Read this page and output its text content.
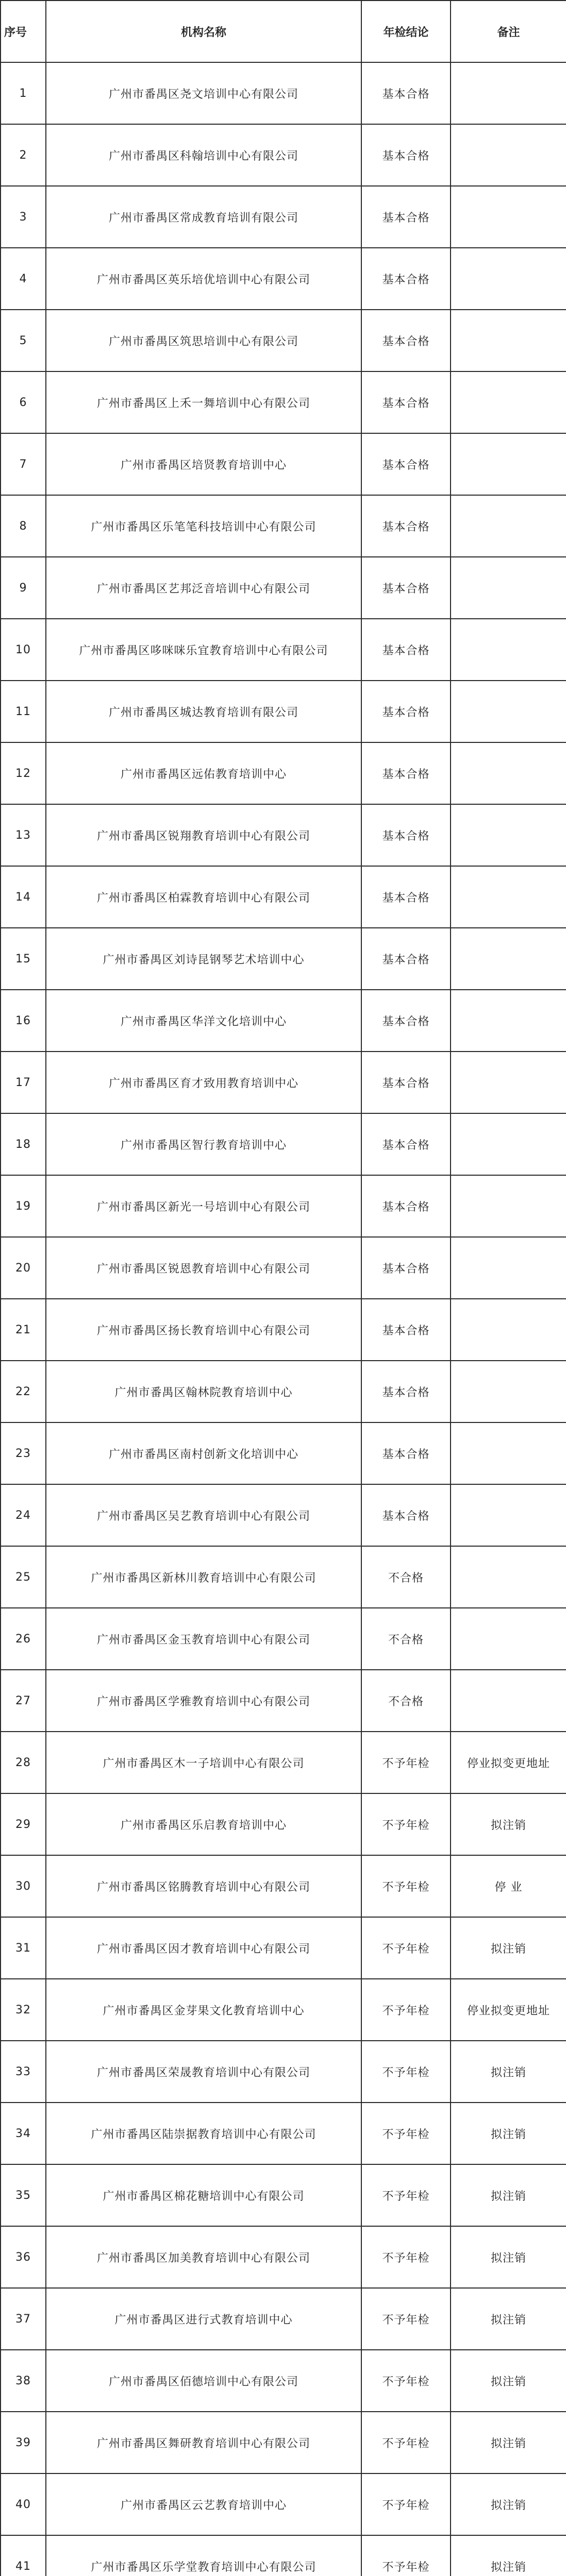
序号	机构名称	年检结论	备注
1	广州市番禺区尧文培训中心有限公司	基本合格	
2	广州市番禺区科翰培训中心有限公司	基本合格	
3	广州市番禺区常成教育培训有限公司	基本合格	
4	广州市番禺区英乐培优培训中心有限公司	基本合格	
5	广州市番禺区筑思培训中心有限公司	基本合格	
6	广州市番禺区上禾一舞培训中心有限公司	基本合格	
7	广州市番禺区培贤教育培训中心	基本合格	
8	广州市番禺区乐笔笔科技培训中心有限公司	基本合格	
9	广州市番禺区艺邦泛音培训中心有限公司	基本合格	
10	广州市番禺区哆咪咪乐宜教育培训中心有限公司	基本合格	
11	广州市番禺区城达教育培训有限公司	基本合格	
12	广州市番禺区远佑教育培训中心	基本合格	
13	广州市番禺区锐翔教育培训中心有限公司	基本合格	
14	广州市番禺区柏霖教育培训中心有限公司	基本合格	
15	广州市番禺区刘诗昆钢琴艺术培训中心	基本合格	
16	广州市番禺区华洋文化培训中心	基本合格	
17	广州市番禺区育才致用教育培训中心	基本合格	
18	广州市番禺区智行教育培训中心	基本合格	
19	广州市番禺区新光一号培训中心有限公司	基本合格	
20	广州市番禺区锐恩教育培训中心有限公司	基本合格	
21	广州市番禺区扬长教育培训中心有限公司	基本合格	
22	广州市番禺区翰林院教育培训中心	基本合格	
23	广州市番禺区南村创新文化培训中心	基本合格	
24	广州市番禺区吴艺教育培训中心有限公司	基本合格	
25	广州市番禺区新林川教育培训中心有限公司	不合格	
26	广州市番禺区金玉教育培训中心有限公司	不合格	
27	广州市番禺区学雅教育培训中心有限公司	不合格	
28	广州市番禺区木一子培训中心有限公司	不予年检	停业拟变更地址
29	广州市番禺区乐启教育培训中心	不予年检	拟注销
30	广州市番禺区铭腾教育培训中心有限公司	不予年检	停 业
31	广州市番禺区因才教育培训中心有限公司	不予年检	拟注销
32	广州市番禺区金芽果文化教育培训中心	不予年检	停业拟变更地址
33	广州市番禺区荣晟教育培训中心有限公司	不予年检	拟注销
34	广州市番禺区陆崇据教育培训中心有限公司	不予年检	拟注销
35	广州市番禺区棉花糖培训中心有限公司	不予年检	拟注销
36	广州市番禺区加美教育培训中心有限公司	不予年检	拟注销
37	广州市番禺区进行式教育培训中心	不予年检	拟注销
38	广州市番禺区佰德培训中心有限公司	不予年检	拟注销
39	广州市番禺区舞研教育培训中心有限公司	不予年检	拟注销
40	广州市番禺区云艺教育培训中心	不予年检	拟注销
41	广州市番禺区乐学堂教育培训中心有限公司	不予年检	拟注销
